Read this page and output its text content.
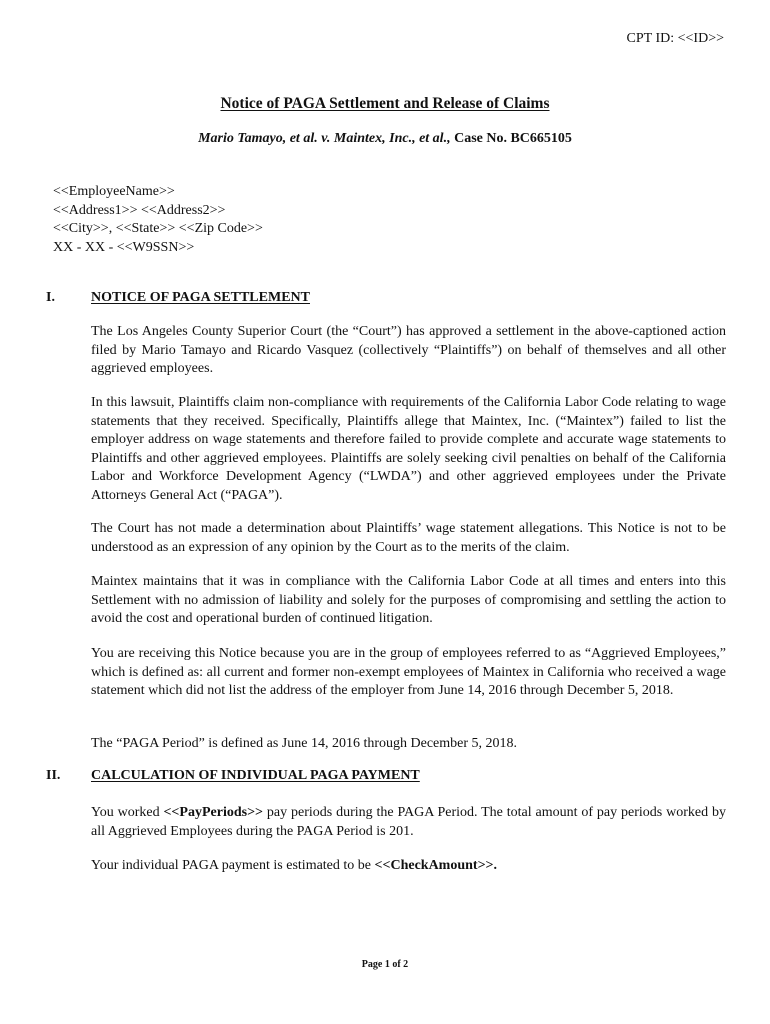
CPT ID: <<ID>>
Notice of PAGA Settlement and Release of Claims
Mario Tamayo, et al. v. Maintex, Inc., et al., Case No. BC665105
<<EmployeeName>>
<<Address1>> <<Address2>>
<<City>>, <<State>> <<Zip Code>>
XX - XX - <<W9SSN>>
I.	NOTICE OF PAGA SETTLEMENT
The Los Angeles County Superior Court (the “Court”) has approved a settlement in the above-captioned action filed by Mario Tamayo and Ricardo Vasquez (collectively “Plaintiffs”) on behalf of themselves and all other aggrieved employees.
In this lawsuit, Plaintiffs claim non-compliance with requirements of the California Labor Code relating to wage statements that they received. Specifically, Plaintiffs allege that Maintex, Inc. (“Maintex”) failed to list the employer address on wage statements and therefore failed to provide complete and accurate wage statements to Plaintiffs and other aggrieved employees. Plaintiffs are solely seeking civil penalties on behalf of the California Labor and Workforce Development Agency (“LWDA”) and other aggrieved employees under the Private Attorneys General Act (“PAGA”).
The Court has not made a determination about Plaintiffs’ wage statement allegations. This Notice is not to be understood as an expression of any opinion by the Court as to the merits of the claim.
Maintex maintains that it was in compliance with the California Labor Code at all times and enters into this Settlement with no admission of liability and solely for the purposes of compromising and settling the action to avoid the cost and operational burden of continued litigation.
You are receiving this Notice because you are in the group of employees referred to as “Aggrieved Employees,” which is defined as: all current and former non-exempt employees of Maintex in California who received a wage statement which did not list the address of the employer from June 14, 2016 through December 5, 2018.
The “PAGA Period” is defined as June 14, 2016 through December 5, 2018.
II. CALCULATION OF INDIVIDUAL PAGA PAYMENT
You worked <<PayPeriods>> pay periods during the PAGA Period. The total amount of pay periods worked by all Aggrieved Employees during the PAGA Period is 201.
Your individual PAGA payment is estimated to be <<CheckAmount>>.
Page 1 of 2
